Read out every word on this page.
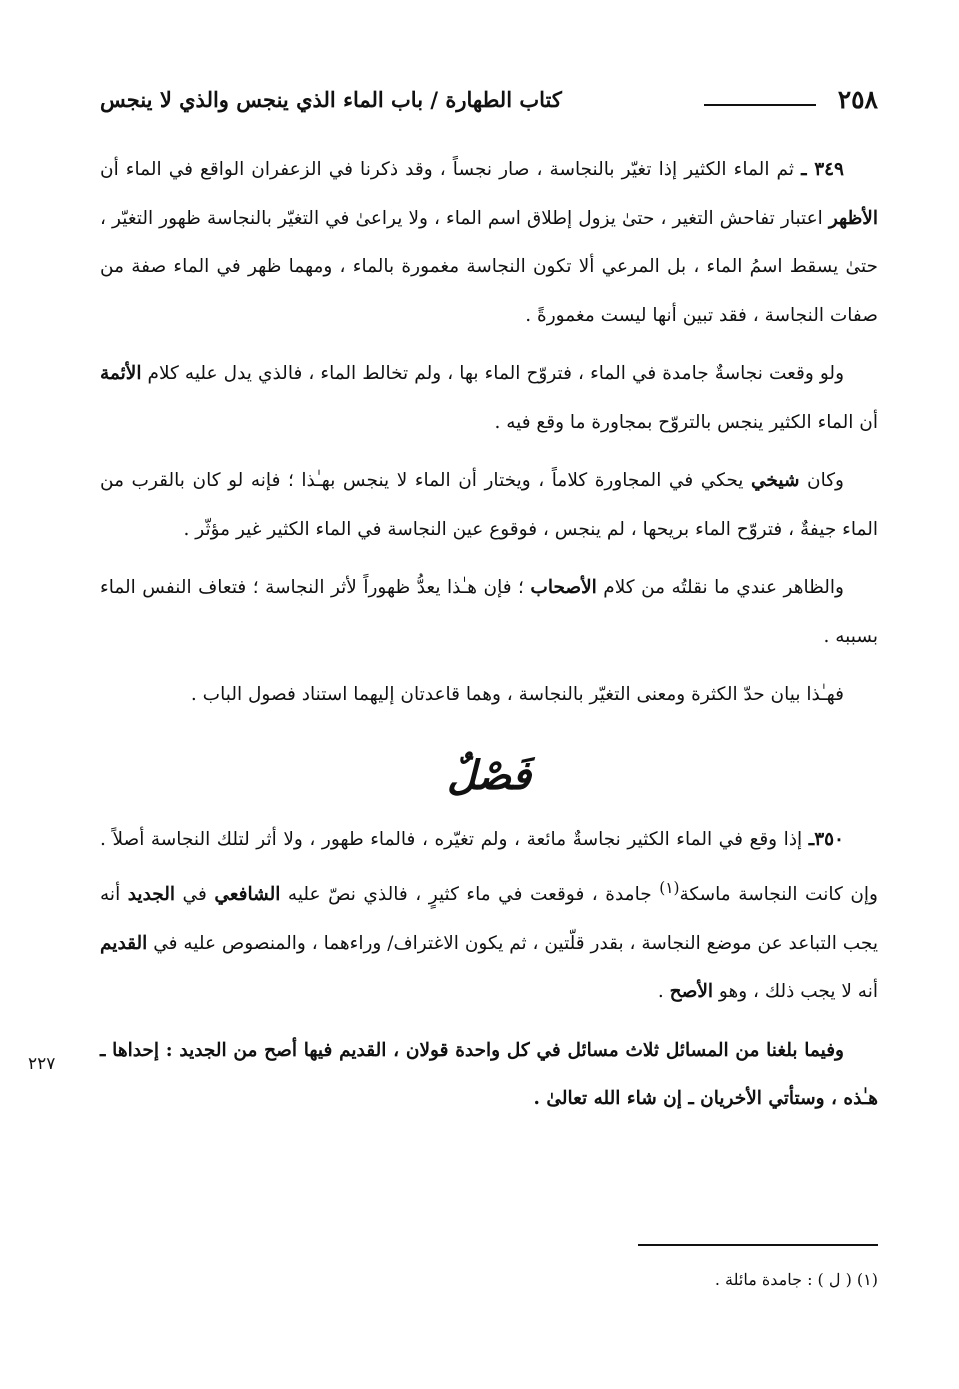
٢٥٨
كتاب الطهارة / باب الماء الذي ينجس والذي لا ينجس

٣٤٩ ـ ثم الماء الكثير إذا تغيّر بالنجاسة ، صار نجساً ، وقد ذكرنا في الزعفران الواقع في الماء أن الأظهر اعتبار تفاحش التغير ، حتىٰ يزول إطلاق اسم الماء ، ولا يراعىٰ في التغيّر بالنجاسة ظهور التغيّر ، حتىٰ يسقط اسمُ الماء ، بل المرعي ألا تكون النجاسة مغمورة بالماء ، ومهما ظهر في الماء صفة من صفات النجاسة ، فقد تبين أنها ليست مغمورةً .

ولو وقعت نجاسةٌ جامدة في الماء ، فتروّح الماء بها ، ولم تخالط الماء ، فالذي يدل عليه كلام الأئمة أن الماء الكثير ينجس بالتروّح بمجاورة ما وقع فيه .

وكان شيخي يحكي في المجاورة كلاماً ، ويختار أن الماء لا ينجس بهـٰذا ؛ فإنه لو كان بالقرب من الماء جيفةٌ ، فتروّح الماء بريحها ، لم ينجس ، فوقوع عين النجاسة في الماء الكثير غير مؤثّر .

والظاهر عندي ما نقلتُه من كلام الأصحاب ؛ فإن هـٰذا يعدُّ ظهوراً لأثر النجاسة ؛ فتعاف النفس الماء بسببه .

فهـٰذا بيان حدّ الكثرة ومعنى التغيّر بالنجاسة ، وهما قاعدتان إليهما استناد فصول الباب .

فَصْلٌ

٣٥٠ـ إذا وقع في الماء الكثير نجاسةٌ مائعة ، ولم تغيّره ، فالماء طهور ، ولا أثر لتلك النجاسة أصلاً . وإن كانت النجاسة ماسكة$^{(١)}$ جامدة ، فوقعت في ماء كثيرٍ ، فالذي نصّ عليه الشافعي في الجديد أنه يجب التباعد عن موضع النجاسة ، بقدر قلّتين ، ثم يكون الاغتراف/ وراءهما ، والمنصوص عليه في القديم أنه لا يجب ذلك ، وهو الأصح .

وفيما بلغنا من المسائل ثلاث مسائل في كل واحدة قولان ، القديم فيها أصح من الجديد : إحداها ـ هـٰذه ، وستأتي الأخريان ـ إن شاء الله تعالىٰ .

٢٢٧
(١) ( ل ) : جامدة مائلة .
